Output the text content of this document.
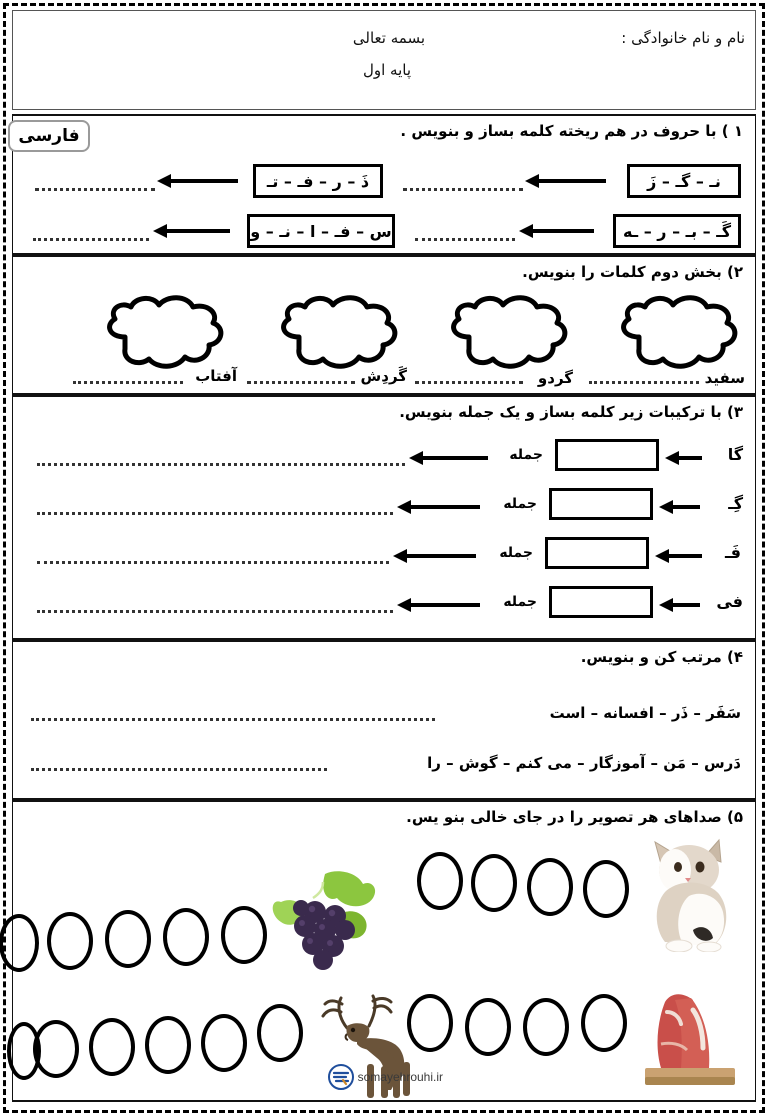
نام و نام خانوادگی :
بسمه تعالی
پایه اول
فارسی	۱ ) با حروف در هم ریخته کلمه بساز و بنویس .
نـ – گـ – زَ
ذَ – ر – فـ – تـ
گَـ – بـ – ر – ـه
س – فـ – ا – نـ – و
۲) بخش دوم کلمات را بنویس.
سفید
گردو
گَردِش
آفتاب
۳) با ترکیبات زیر کلمه بساز و یک جمله بنویس.
گا
جمله
گِـ
جمله
فَـ
جمله
فی
جمله
۴) مرتب کن و بنویس.
سَفَر – ذَر – افسانه – است
دَرس – مَن – آموزگار – می کنم – گوش – را
۵) صداهای هر تصویر را در جای خالی بنو یس.
somayehrouhi.ir
